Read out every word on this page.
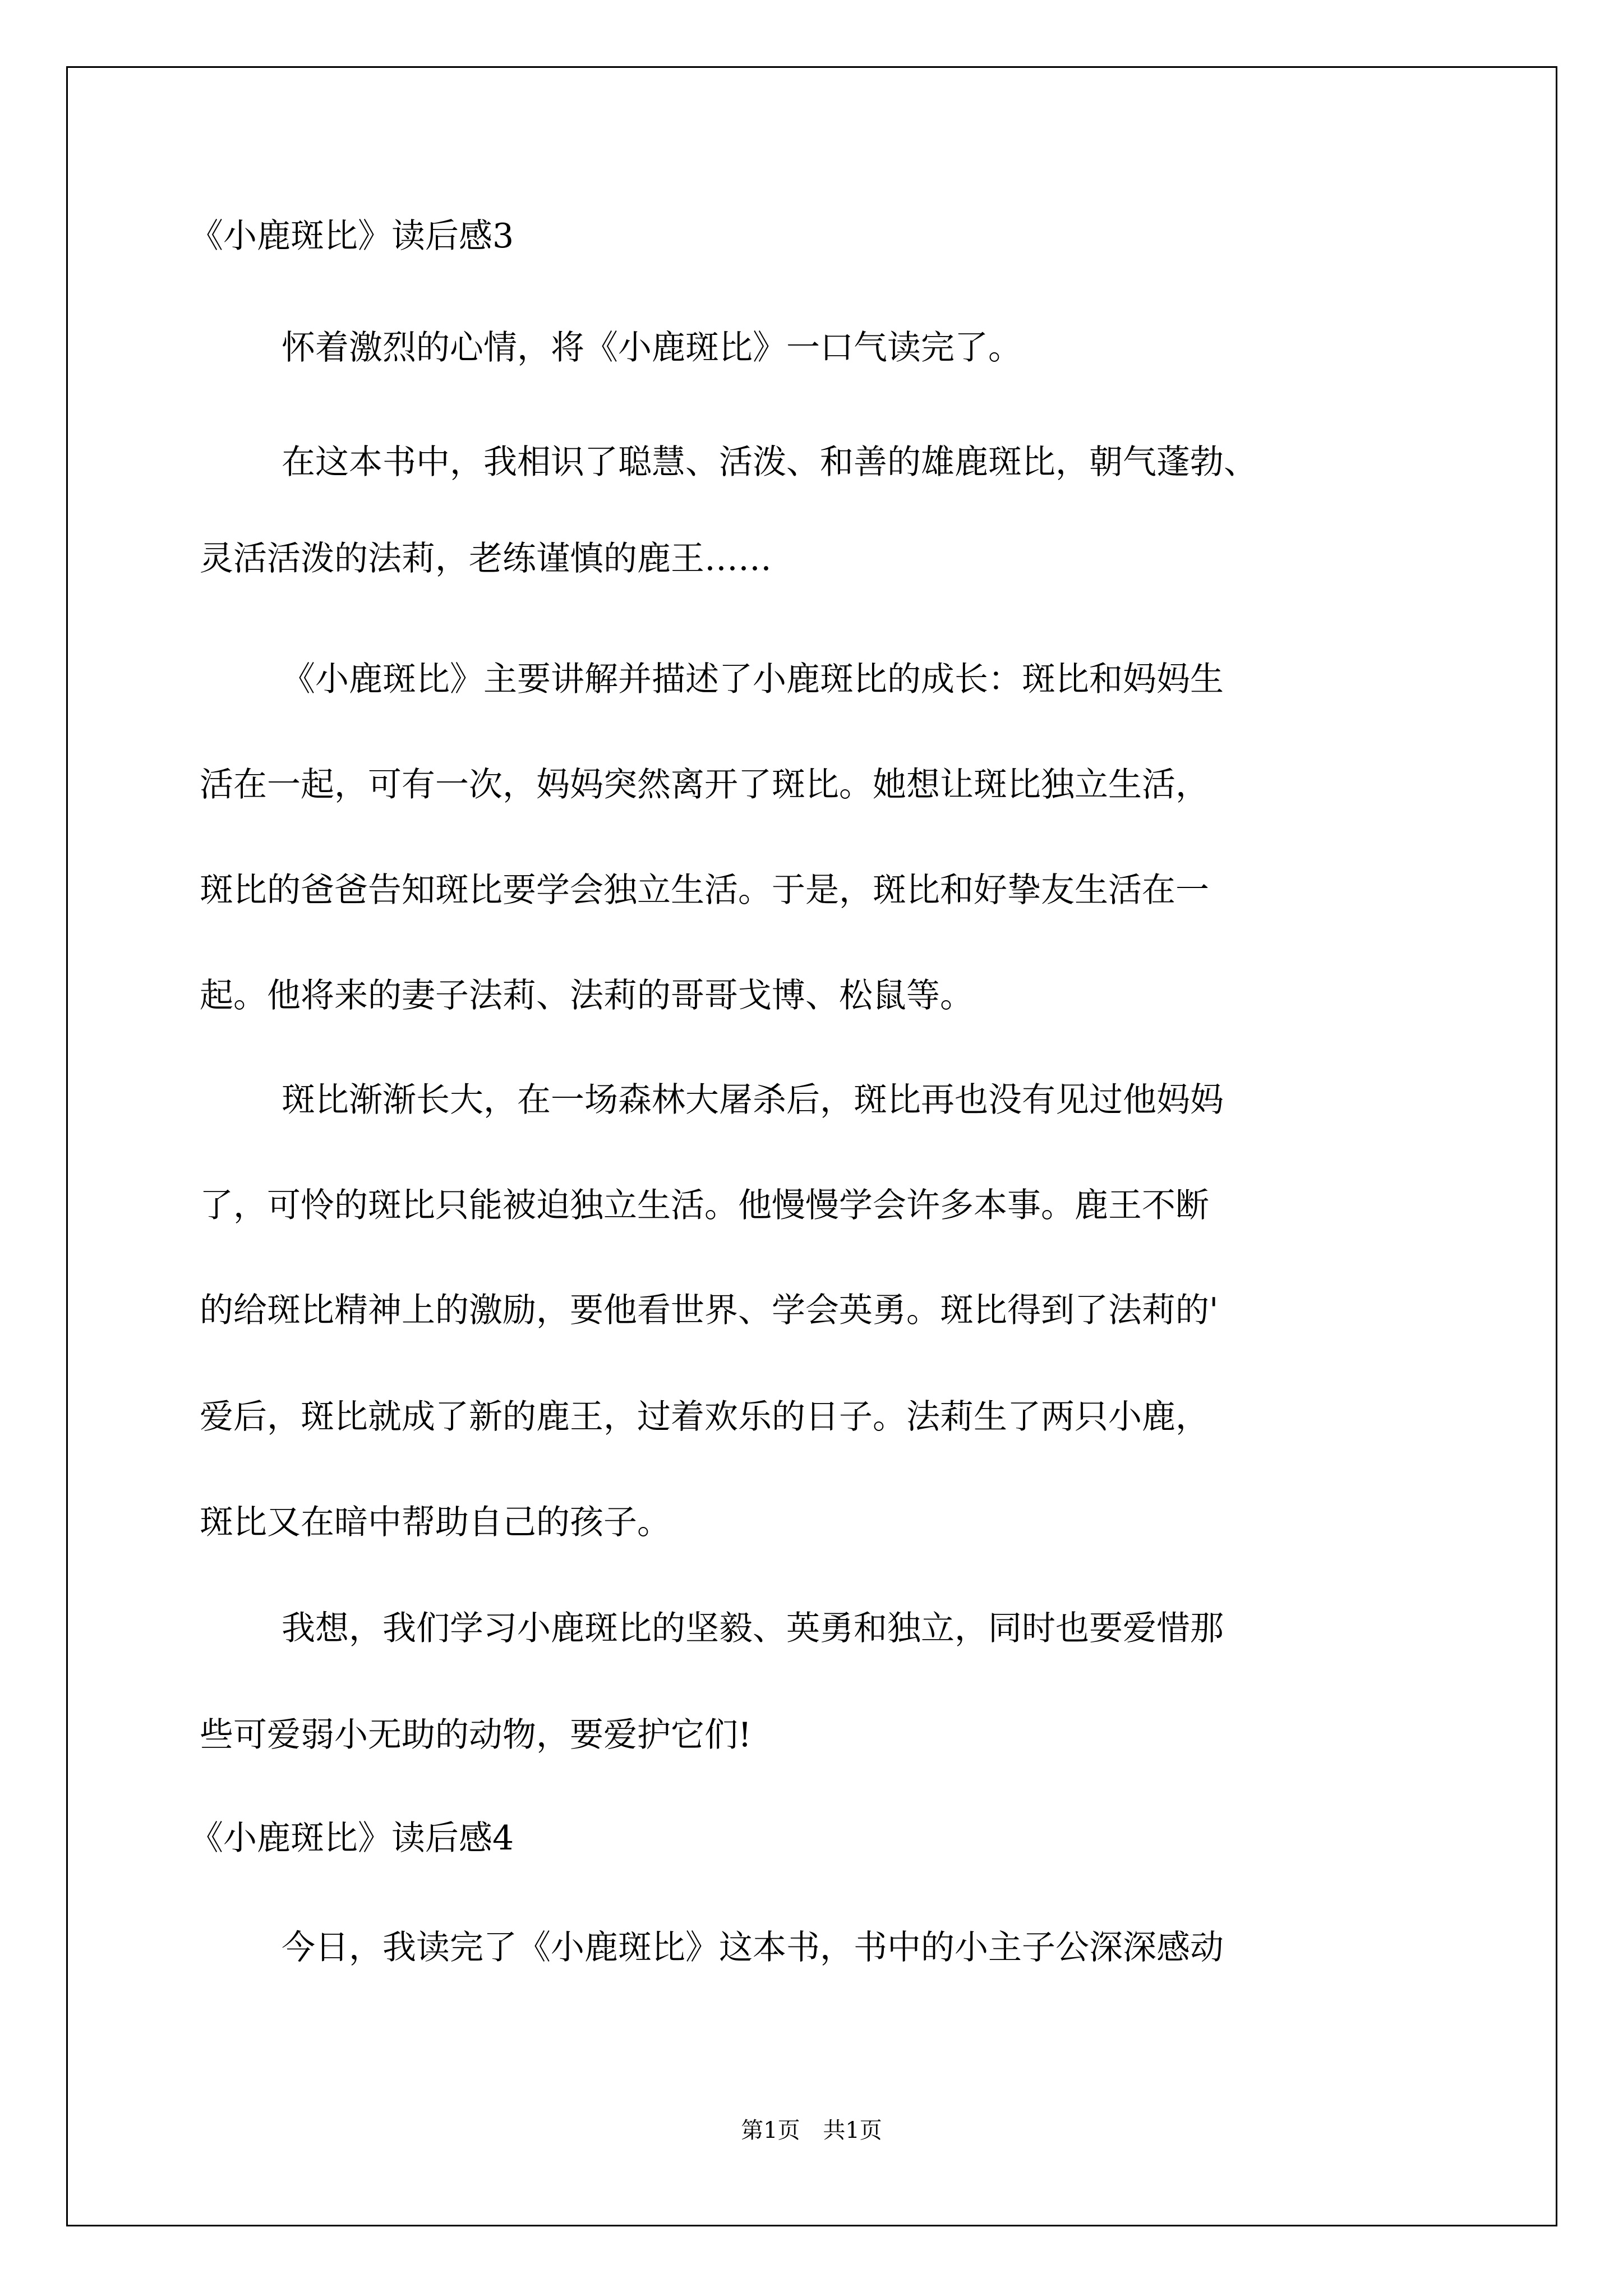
《小鹿斑比》读后感3
怀着激烈的心情，将《小鹿斑比》一口气读完了。
在这本书中，我相识了聪慧、活泼、和善的雄鹿斑比，朝气蓬勃、
灵活活泼的法莉，老练谨慎的鹿王……
《小鹿斑比》主要讲解并描述了小鹿斑比的成长：斑比和妈妈生
活在一起，可有一次，妈妈突然离开了斑比。她想让斑比独立生活，
斑比的爸爸告知斑比要学会独立生活。于是，斑比和好挚友生活在一
起。他将来的妻子法莉、法莉的哥哥戈博、松鼠等。
斑比渐渐长大，在一场森林大屠杀后，斑比再也没有见过他妈妈
了，可怜的斑比只能被迫独立生活。他慢慢学会许多本事。鹿王不断
的给斑比精神上的激励，要他看世界、学会英勇。斑比得到了法莉的'
爱后，斑比就成了新的鹿王，过着欢乐的日子。法莉生了两只小鹿，
斑比又在暗中帮助自己的孩子。
我想，我们学习小鹿斑比的坚毅、英勇和独立，同时也要爱惜那
些可爱弱小无助的动物，要爱护它们!
《小鹿斑比》读后感4
今日，我读完了《小鹿斑比》这本书，书中的小主子公深深感动
第1页 共1页
